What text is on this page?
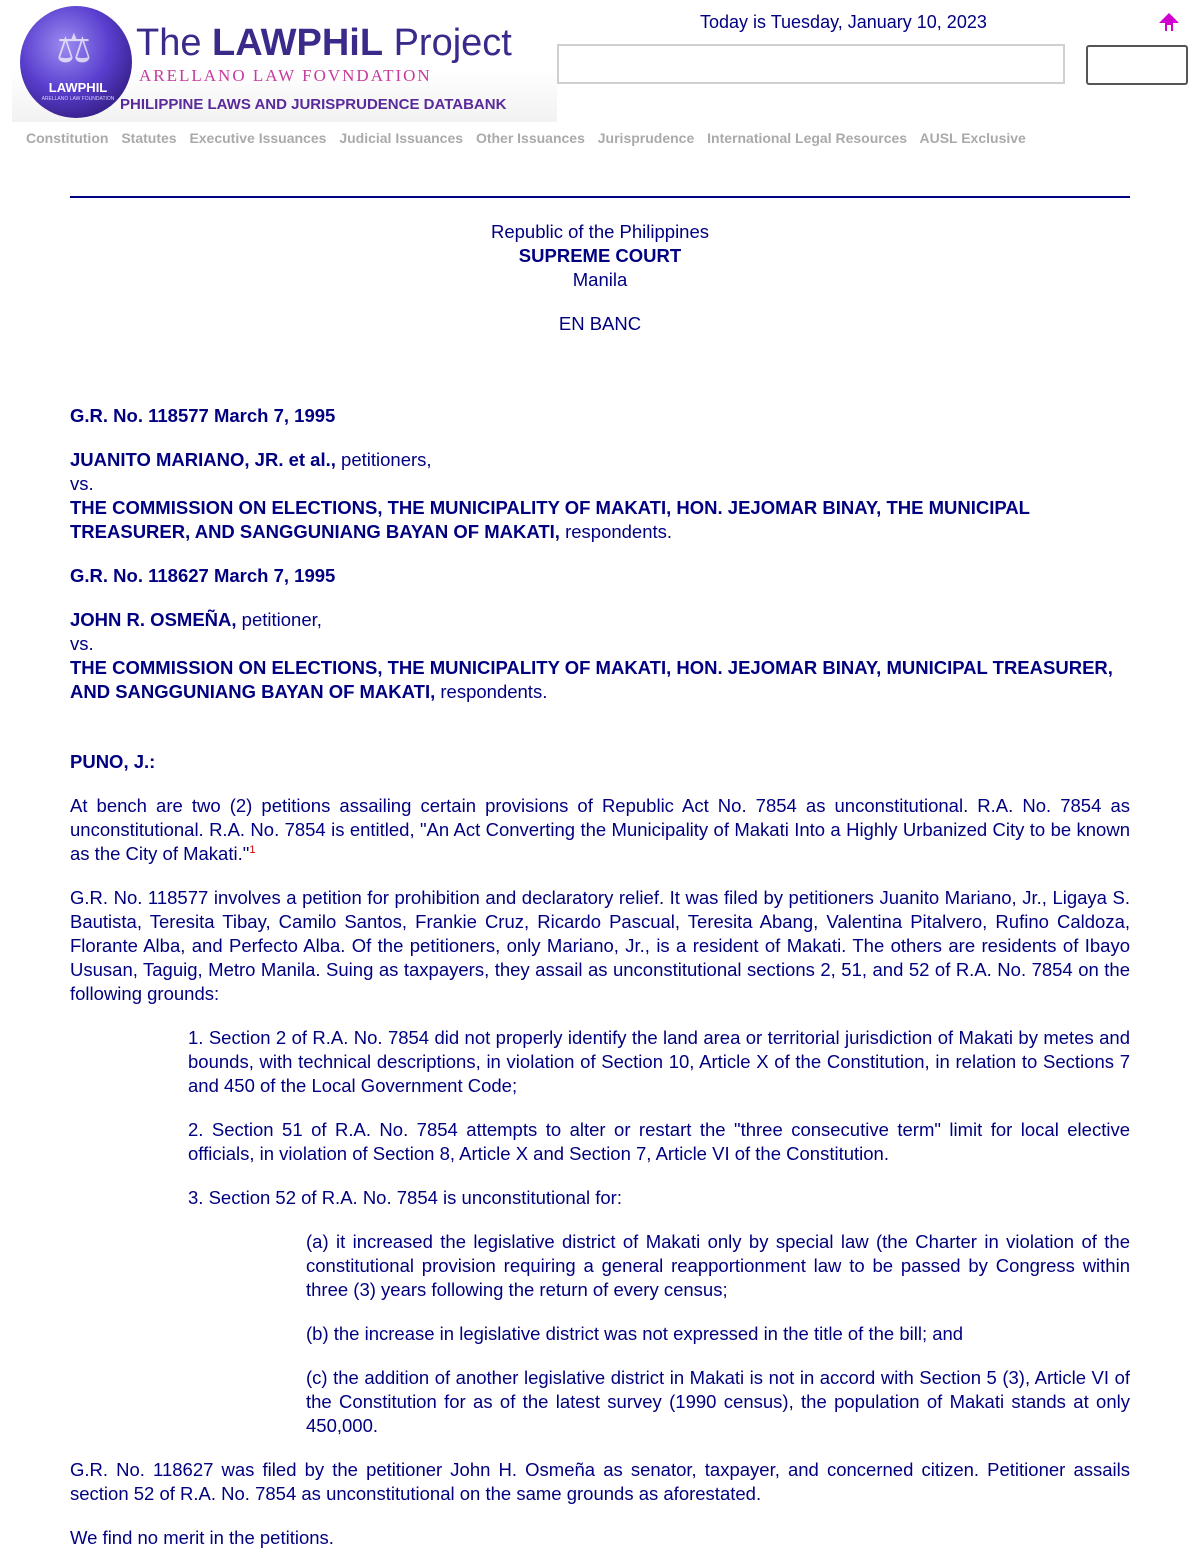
⚖
LAWPHIL
ARELLANO LAW FOUNDATION
The LAWPHiL Project
ARELLANO LAW FOVNDATION
PHILIPPINE LAWS AND JURISPRUDENCE DATABANK
Today is Tuesday, January 10, 2023
Constitution Statutes Executive Issuances Judicial Issuances Other Issuances Jurisprudence International Legal Resources AUSL Exclusive

Republic of the Philippines

SUPREME COURT

Manila

EN BANC

G.R. No. 118577 March 7, 1995

JUANITO MARIANO, JR. et al., petitioners,

vs.

THE COMMISSION ON ELECTIONS, THE MUNICIPALITY OF MAKATI, HON. JEJOMAR BINAY, THE MUNICIPAL TREASURER, AND SANGGUNIANG BAYAN OF MAKATI, respondents.

G.R. No. 118627 March 7, 1995

JOHN R. OSMEÑA, petitioner,

vs.

THE COMMISSION ON ELECTIONS, THE MUNICIPALITY OF MAKATI, HON. JEJOMAR BINAY, MUNICIPAL TREASURER, AND SANGGUNIANG BAYAN OF MAKATI, respondents.

PUNO, J.:

At bench are two (2) petitions assailing certain provisions of Republic Act No. 7854 as unconstitutional. R.A. No. 7854 as unconstitutional. R.A. No. 7854 is entitled, "An Act Converting the Municipality of Makati Into a Highly Urbanized City to be known as the City of Makati."$^1$

G.R. No. 118577 involves a petition for prohibition and declaratory relief. It was filed by petitioners Juanito Mariano, Jr., Ligaya S. Bautista, Teresita Tibay, Camilo Santos, Frankie Cruz, Ricardo Pascual, Teresita Abang, Valentina Pitalvero, Rufino Caldoza, Florante Alba, and Perfecto Alba. Of the petitioners, only Mariano, Jr., is a resident of Makati. The others are residents of Ibayo Ususan, Taguig, Metro Manila. Suing as taxpayers, they assail as unconstitutional sections 2, 51, and 52 of R.A. No. 7854 on the following grounds:

1. Section 2 of R.A. No. 7854 did not properly identify the land area or territorial jurisdiction of Makati by metes and bounds, with technical descriptions, in violation of Section 10, Article X of the Constitution, in relation to Sections 7 and 450 of the Local Government Code;

2. Section 51 of R.A. No. 7854 attempts to alter or restart the "three consecutive term" limit for local elective officials, in violation of Section 8, Article X and Section 7, Article VI of the Constitution.

3. Section 52 of R.A. No. 7854 is unconstitutional for:

(a) it increased the legislative district of Makati only by special law (the Charter in violation of the constitutional provision requiring a general reapportionment law to be passed by Congress within three (3) years following the return of every census;

(b) the increase in legislative district was not expressed in the title of the bill; and

(c) the addition of another legislative district in Makati is not in accord with Section 5 (3), Article VI of the Constitution for as of the latest survey (1990 census), the population of Makati stands at only 450,000.

G.R. No. 118627 was filed by the petitioner John H. Osmeña as senator, taxpayer, and concerned citizen. Petitioner assails section 52 of R.A. No. 7854 as unconstitutional on the same grounds as aforestated.

We find no merit in the petitions.
